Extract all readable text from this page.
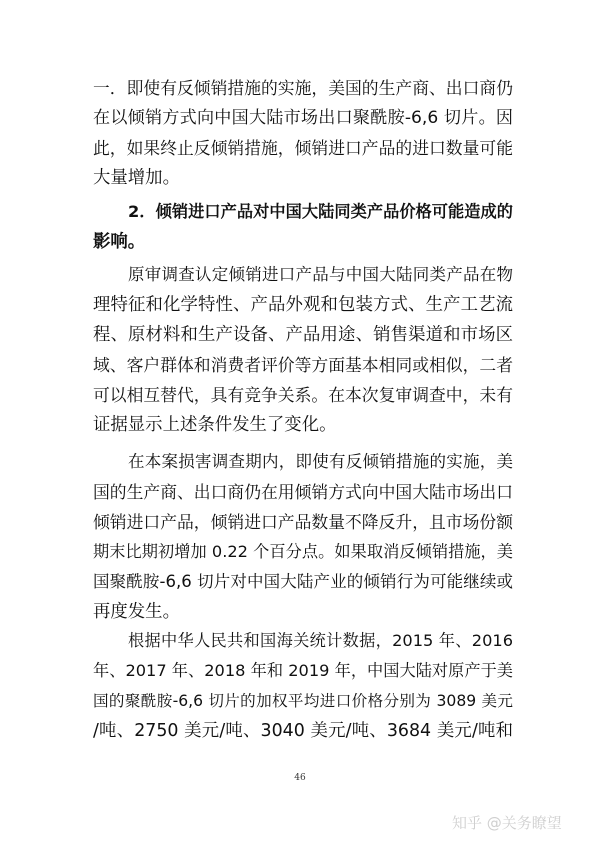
一．即使有反倾销措施的实施，美国的生产商、出口商仍
在以倾销方式向中国大陆市场出口聚酰胺-6,6 切片。因
此，如果终止反倾销措施，倾销进口产品的进口数量可能
大量增加。
2．倾销进口产品对中国大陆同类产品价格可能造成的
影响。
原审调查认定倾销进口产品与中国大陆同类产品在物
理特征和化学特性、产品外观和包装方式、生产工艺流
程、原材料和生产设备、产品用途、销售渠道和市场区
域、客户群体和消费者评价等方面基本相同或相似，二者
可以相互替代，具有竞争关系。在本次复审调查中，未有
证据显示上述条件发生了变化。
在本案损害调查期内，即使有反倾销措施的实施，美
国的生产商、出口商仍在用倾销方式向中国大陆市场出口
倾销进口产品，倾销进口产品数量不降反升，且市场份额
期末比期初增加 0.22 个百分点。如果取消反倾销措施，美
国聚酰胺-6,6 切片对中国大陆产业的倾销行为可能继续或
再度发生。
根据中华人民共和国海关统计数据，2015 年、2016
年、2017 年、2018 年和 2019 年，中国大陆对原产于美
国的聚酰胺-6,6 切片的加权平均进口价格分别为 3089 美元
/吨、2750 美元/吨、3040 美元/吨、3684 美元/吨和
46
知乎 @关务瞭望
